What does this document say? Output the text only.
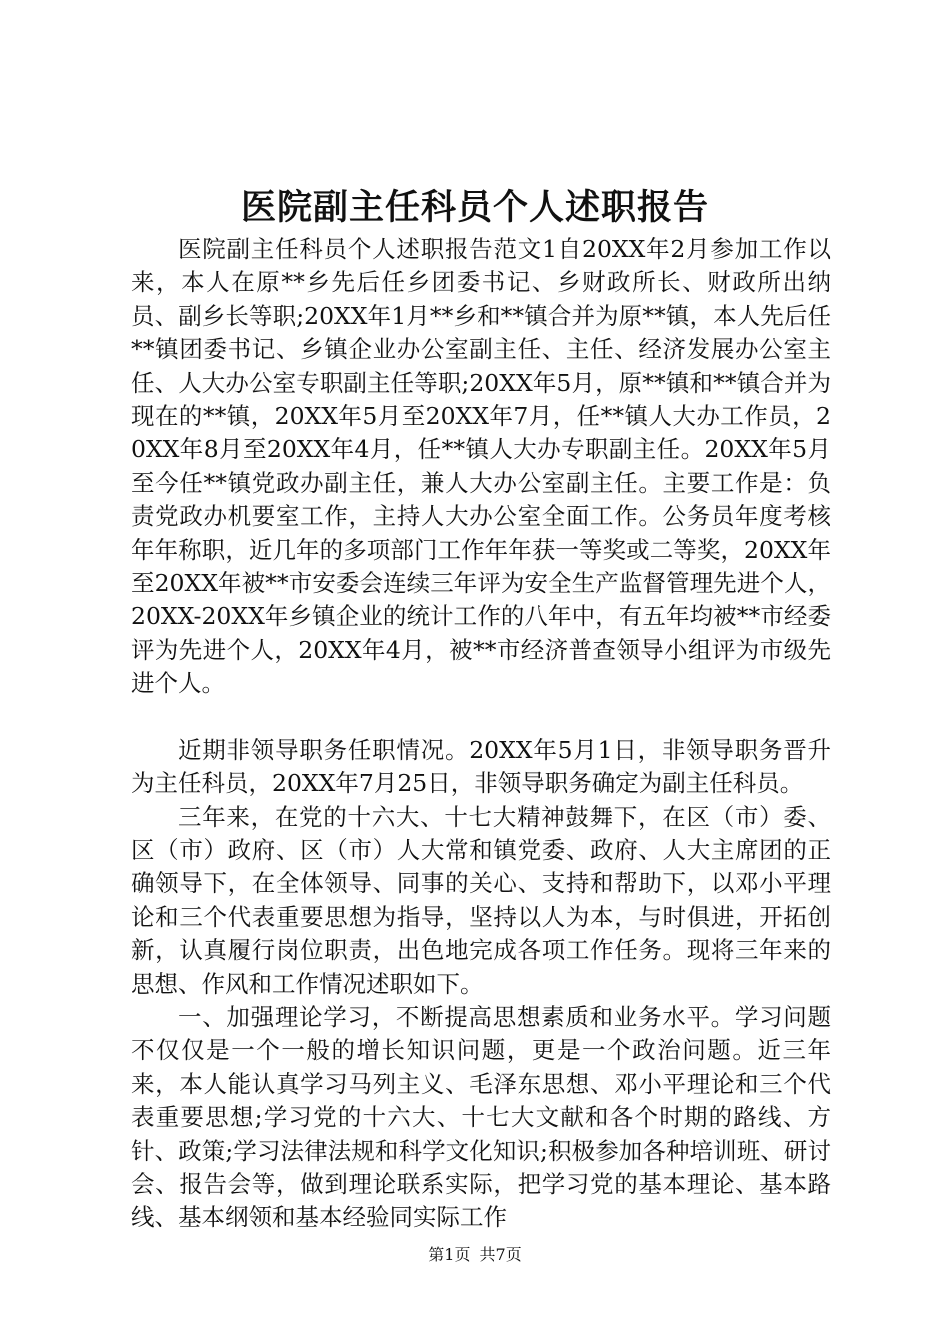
医院副主任科员个人述职报告

医院副主任科员个人述职报告范文1自20XX年2月参加工作以来，本人在原**乡先后任乡团委书记、乡财政所长、财政所出纳员、副乡长等职;20XX年1月**乡和**镇合并为原**镇，本人先后任**镇团委书记、乡镇企业办公室副主任、主任、经济发展办公室主任、人大办公室专职副主任等职;20XX年5月，原**镇和**镇合并为现在的**镇，20XX年5月至20XX年7月，任**镇人大办工作员，20XX年8月至20XX年4月，任**镇人大办专职副主任。20XX年5月至今任**镇党政办副主任，兼人大办公室副主任。主要工作是：负责党政办机要室工作，主持人大办公室全面工作。公务员年度考核年年称职，近几年的多项部门工作年年获一等奖或二等奖，20XX年至20XX年被**市安委会连续三年评为安全生产监督管理先进个人，20XX-20XX年乡镇企业的统计工作的八年中，有五年均被**市经委评为先进个人，20XX年4月，被**市经济普查领导小组评为市级先进个人。

近期非领导职务任职情况。20XX年5月1日，非领导职务晋升为主任科员，20XX年7月25日，非领导职务确定为副主任科员。

三年来，在党的十六大、十七大精神鼓舞下，在区（市）委、区（市）政府、区（市）人大常和镇党委、政府、人大主席团的正确领导下，在全体领导、同事的关心、支持和帮助下，以邓小平理论和三个代表重要思想为指导，坚持以人为本，与时俱进，开拓创新，认真履行岗位职责，出色地完成各项工作任务。现将三年来的思想、作风和工作情况述职如下。

一、加强理论学习，不断提高思想素质和业务水平。学习问题不仅仅是一个一般的增长知识问题，更是一个政治问题。近三年来，本人能认真学习马列主义、毛泽东思想、邓小平理论和三个代表重要思想;学习党的十六大、十七大文献和各个时期的路线、方针、政策;学习法律法规和科学文化知识;积极参加各种培训班、研讨会、报告会等，做到理论联系实际，把学习党的基本理论、基本路线、基本纲领和基本经验同实际工作

第1页 共7页
